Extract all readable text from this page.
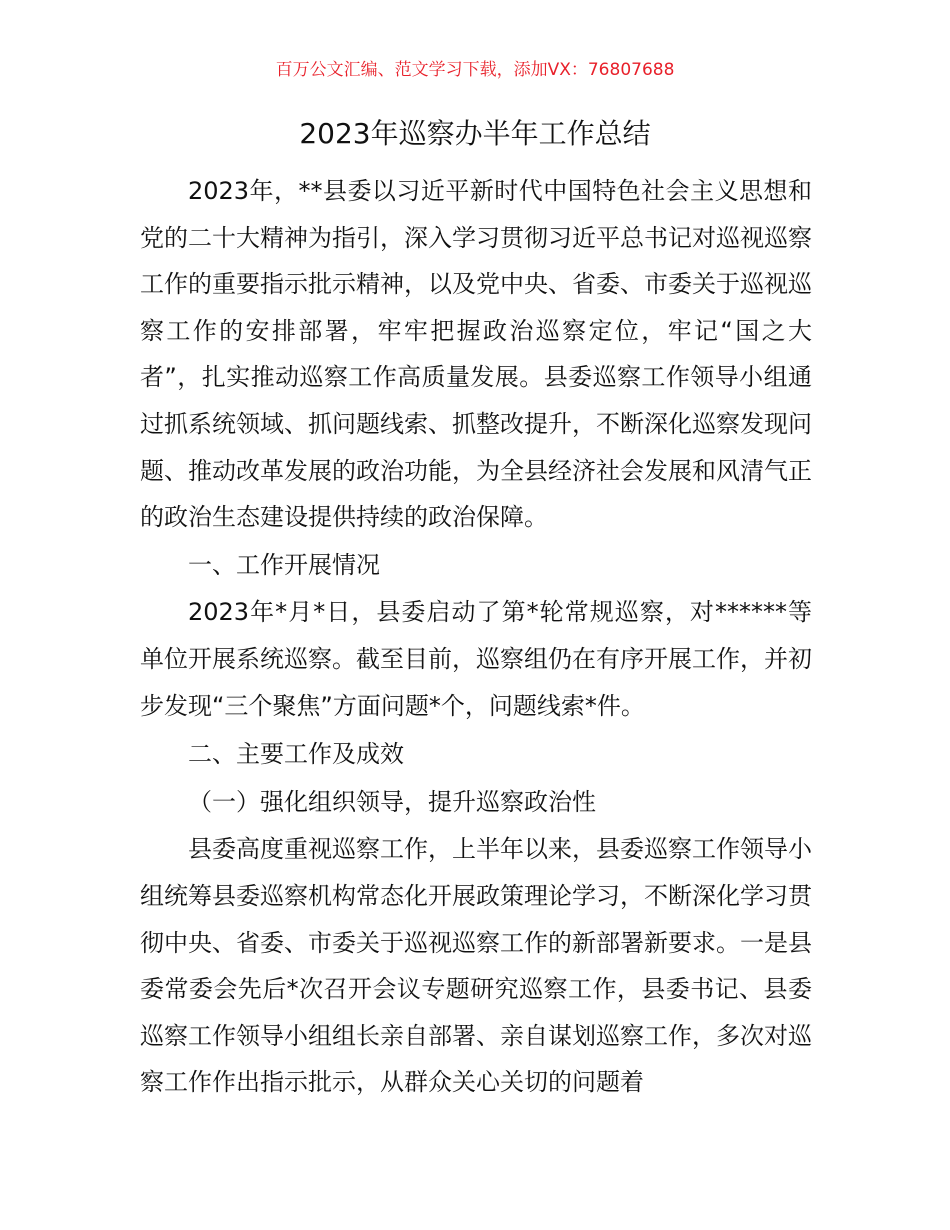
百万公文汇编、范文学习下载，添加VX：76807688
2023年巡察办半年工作总结

2023年，**县委以习近平新时代中国特色社会主义思想和党的二十大精神为指引，深入学习贯彻习近平总书记对巡视巡察工作的重要指示批示精神，以及党中央、省委、市委关于巡视巡察工作的安排部署，牢牢把握政治巡察定位，牢记“国之大者”，扎实推动巡察工作高质量发展。县委巡察工作领导小组通过抓系统领域、抓问题线索、抓整改提升，不断深化巡察发现问题、推动改革发展的政治功能，为全县经济社会发展和风清气正的政治生态建设提供持续的政治保障。

一、工作开展情况

2023年*月*日，县委启动了第*轮常规巡察，对******等单位开展系统巡察。截至目前，巡察组仍在有序开展工作，并初步发现“三个聚焦”方面问题*个，问题线索*件。

二、主要工作及成效

（一）强化组织领导，提升巡察政治性

县委高度重视巡察工作，上半年以来，县委巡察工作领导小组统筹县委巡察机构常态化开展政策理论学习，不断深化学习贯彻中央、省委、市委关于巡视巡察工作的新部署新要求。一是县委常委会先后*次召开会议专题研究巡察工作，县委书记、县委巡察工作领导小组组长亲自部署、亲自谋划巡察工作，多次对巡察工作作出指示批示，从群众关心关切的问题着
